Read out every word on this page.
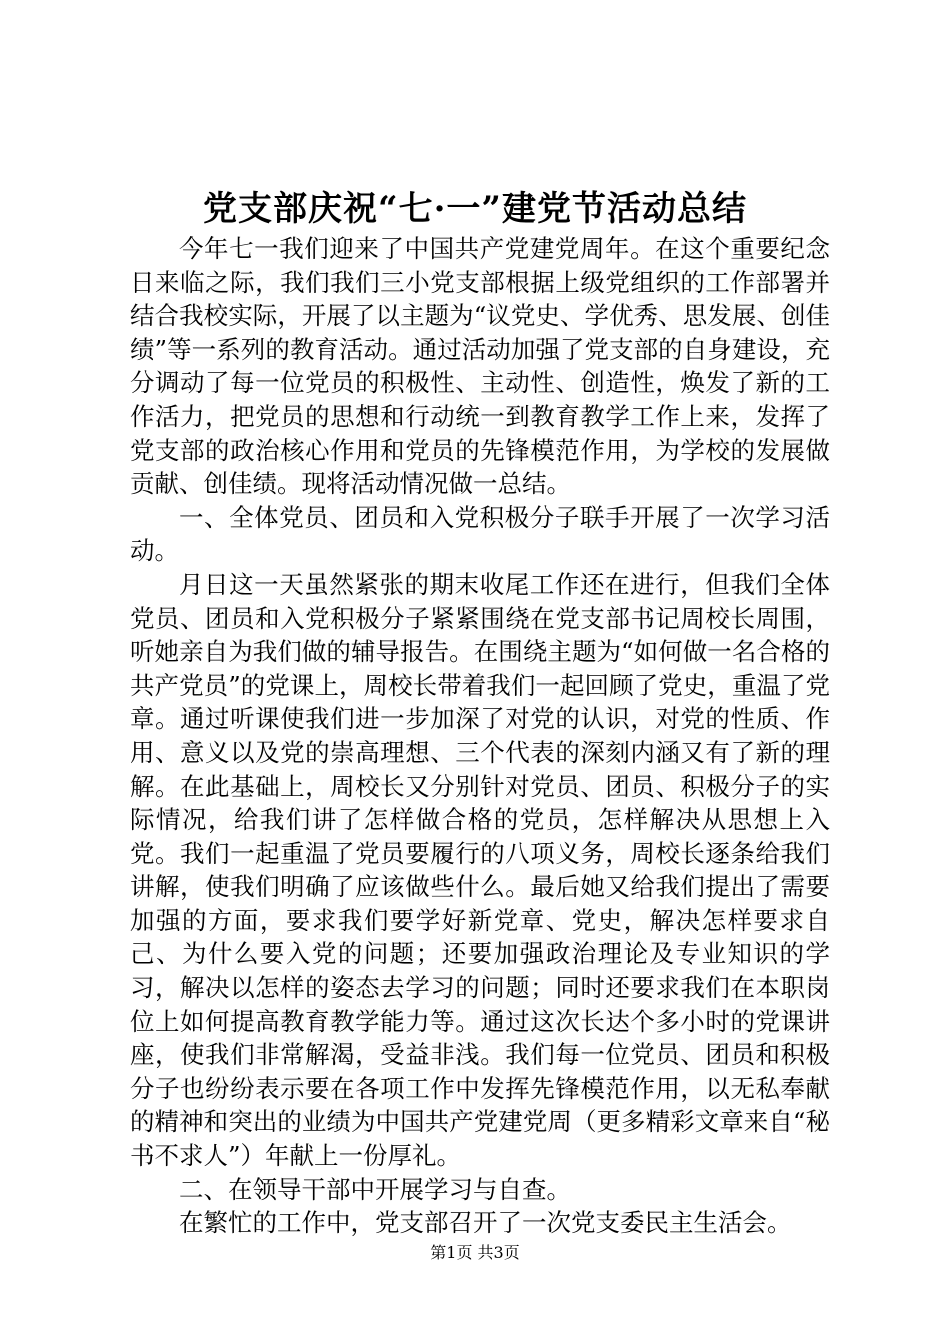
党支部庆祝“七·一”建党节活动总结

今年七一我们迎来了中国共产党建党周年。在这个重要纪念日来临之际，我们我们三小党支部根据上级党组织的工作部署并结合我校实际，开展了以主题为“议党史、学优秀、思发展、创佳绩”等一系列的教育活动。通过活动加强了党支部的自身建设，充分调动了每一位党员的积极性、主动性、创造性，焕发了新的工作活力，把党员的思想和行动统一到教育教学工作上来，发挥了党支部的政治核心作用和党员的先锋模范作用，为学校的发展做贡献、创佳绩。现将活动情况做一总结。

一、全体党员、团员和入党积极分子联手开展了一次学习活动。

月日这一天虽然紧张的期末收尾工作还在进行，但我们全体党员、团员和入党积极分子紧紧围绕在党支部书记周校长周围，听她亲自为我们做的辅导报告。在围绕主题为“如何做一名合格的共产党员”的党课上，周校长带着我们一起回顾了党史，重温了党章。通过听课使我们进一步加深了对党的认识，对党的性质、作用、意义以及党的崇高理想、三个代表的深刻内涵又有了新的理解。在此基础上，周校长又分别针对党员、团员、积极分子的实际情况，给我们讲了怎样做合格的党员，怎样解决从思想上入党。我们一起重温了党员要履行的八项义务，周校长逐条给我们讲解，使我们明确了应该做些什么。最后她又给我们提出了需要加强的方面，要求我们要学好新党章、党史，解决怎样要求自己、为什么要入党的问题；还要加强政治理论及专业知识的学习，解决以怎样的姿态去学习的问题；同时还要求我们在本职岗位上如何提高教育教学能力等。通过这次长达个多小时的党课讲座，使我们非常解渴，受益非浅。我们每一位党员、团员和积极分子也纷纷表示要在各项工作中发挥先锋模范作用，以无私奉献的精神和突出的业绩为中国共产党建党周（更多精彩文章来自“秘书不求人”）年献上一份厚礼。

二、在领导干部中开展学习与自查。

在繁忙的工作中，党支部召开了一次党支委民主生活会。

第1页 共3页
